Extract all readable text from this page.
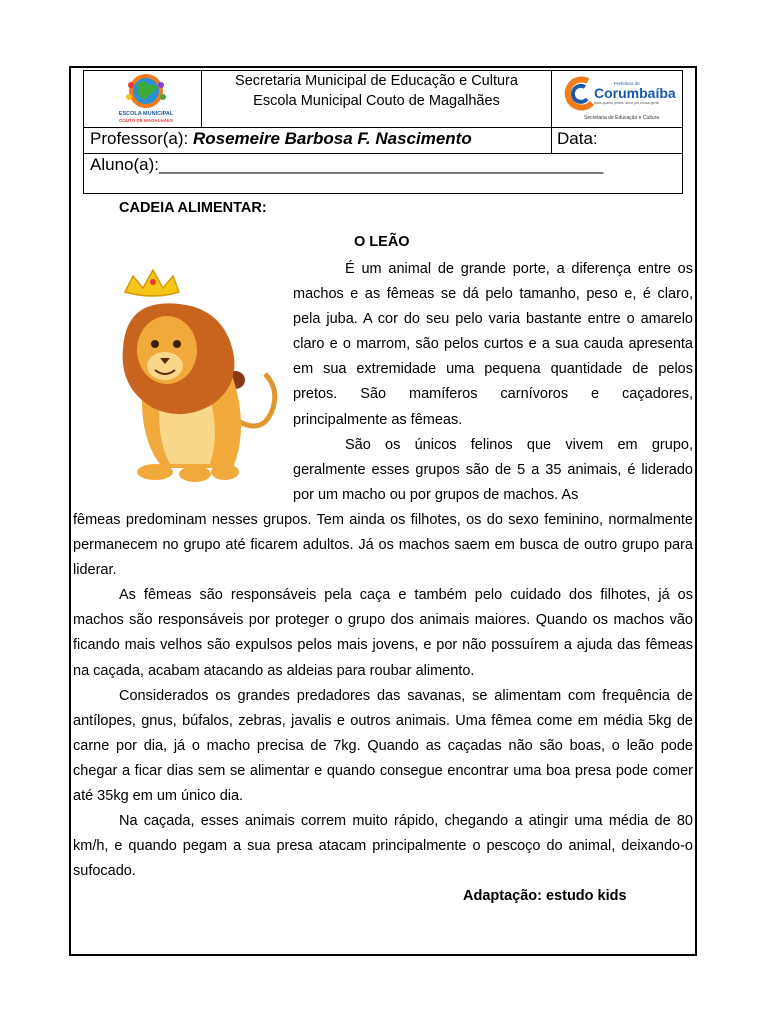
ESCOLA MUNICIPAL
COUTO DE MAGALHÃES
Secretaria Municipal de Educação e Cultura
Escola Municipal Couto de Magalhães
Prefeitura de
Corumbaíba
Mais quanto juntos, amor por nossa gente
Secretaria de Educação e Cultura
Professor(a): Rosemeire Barbosa F. Nascimento	Data:
Aluno(a):_______________________________________________
CADEIA ALIMENTAR:
O LEÃO

É um animal de grande porte, a diferença entre os machos e as fêmeas se dá pelo tamanho, peso e, é claro, pela juba. A cor do seu pelo varia bastante entre o amarelo claro e o marrom, são pelos curtos e a sua cauda apresenta em sua extremidade uma pequena quantidade de pelos pretos. São mamíferos carnívoros e caçadores, principalmente as fêmeas.

São os únicos felinos que vivem em grupo, geralmente esses grupos são de 5 a 35 animais, é liderado por um macho ou por grupos de machos. As

fêmeas predominam nesses grupos. Tem ainda os filhotes, os do sexo feminino, normalmente permanecem no grupo até ficarem adultos. Já os machos saem em busca de outro grupo para liderar.

As fêmeas são responsáveis pela caça e também pelo cuidado dos filhotes, já os machos são responsáveis por proteger o grupo dos animais maiores. Quando os machos vão ficando mais velhos são expulsos pelos mais jovens, e por não possuírem a ajuda das fêmeas na caçada, acabam atacando as aldeias para roubar alimento.

Considerados os grandes predadores das savanas, se alimentam com frequência de antílopes, gnus, búfalos, zebras, javalis e outros animais. Uma fêmea come em média 5kg de carne por dia, já o macho precisa de 7kg. Quando as caçadas não são boas, o leão pode chegar a ficar dias sem se alimentar e quando consegue encontrar uma boa presa pode comer até 35kg em um único dia.

Na caçada, esses animais correm muito rápido, chegando a atingir uma média de 80 km/h, e quando pegam a sua presa atacam principalmente o pescoço do animal, deixando-o sufocado.

Adaptação: estudo kids
